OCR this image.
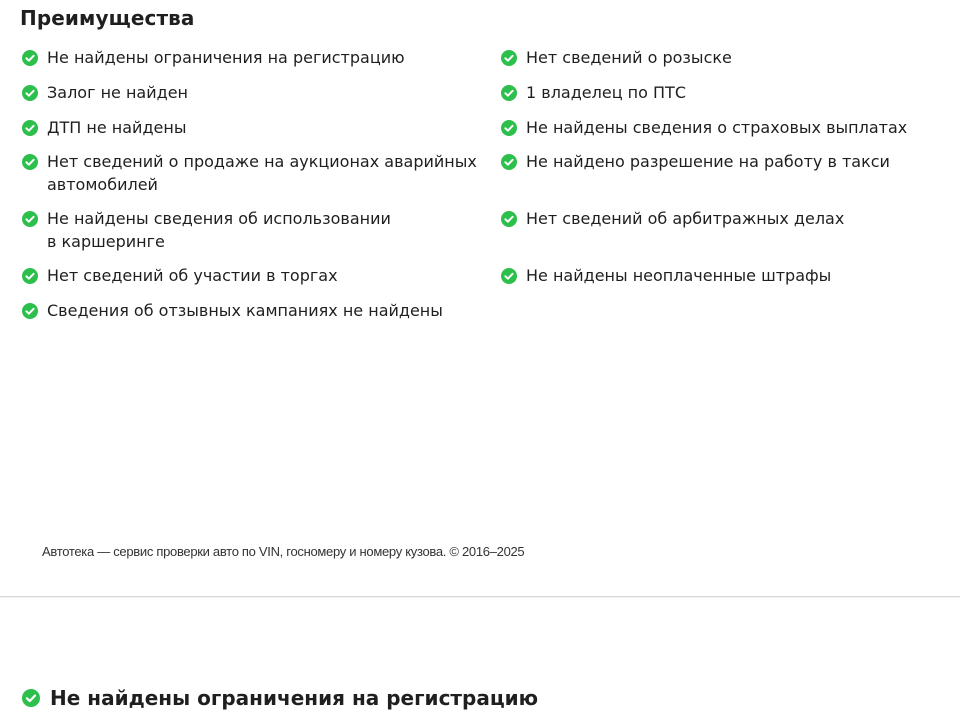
Преимущества
Не найдены ограничения на регистрацию
Залог не найден
ДТП не найдены
Нет сведений о продаже на аукционах аварийных
автомобилей
Не найдены сведения об использовании
в каршеринге
Нет сведений об участии в торгах
Сведения об отзывных кампаниях не найдены
Нет сведений о розыске
1 владелец по ПТС
Не найдены сведения о страховых выплатах
Не найдено разрешение на работу в такси
Нет сведений об арбитражных делах
Не найдены неоплаченные штрафы
Автотека — сервис проверки авто по VIN, госномеру и номеру кузова. © 2016–2025
Не найдены ограничения на регистрацию
